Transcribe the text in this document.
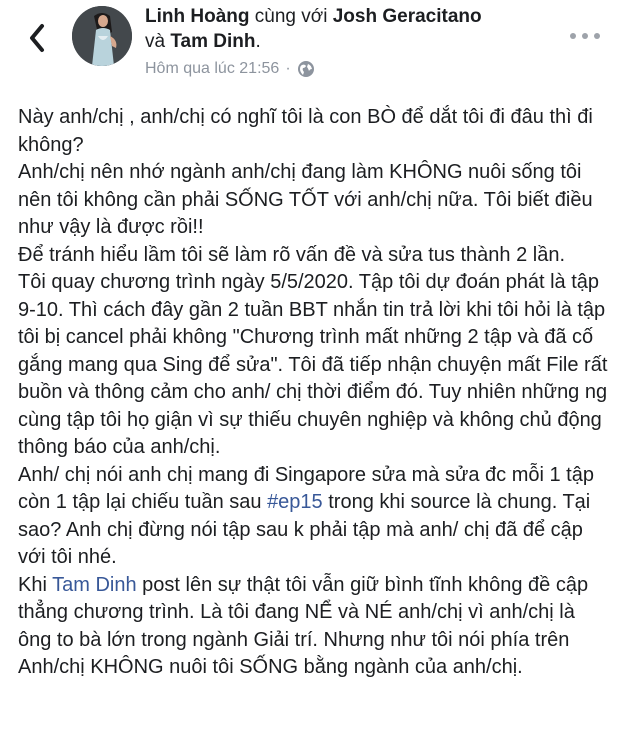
Linh Hoàng cùng với Josh Geracitano
và Tam Dinh.
Hôm qua lúc 21:56 ·

Này anh/chị , anh/chị có nghĩ tôi là con BÒ để dắt tôi đi đâu thì đi không?

Anh/chị nên nhớ ngành anh/chị đang làm KHÔNG nuôi sống tôi nên tôi không cần phải SỐNG TỐT với anh/chị nữa. Tôi biết điều như vậy là được rồi!!

Để tránh hiểu lầm tôi sẽ làm rõ vấn đề và sửa tus thành 2 lần.

Tôi quay chương trình ngày 5/5/2020. Tập tôi dự đoán phát là tập 9-10. Thì cách đây gần 2 tuần BBT nhắn tin trả lời khi tôi hỏi là tập tôi bị cancel phải không "Chương trình mất những 2 tập và đã cố gắng mang qua Sing để sửa". Tôi đã tiếp nhận chuyện mất File rất buồn và thông cảm cho anh/ chị thời điểm đó. Tuy nhiên những ng cùng tập tôi họ giận vì sự thiếu chuyên nghiệp và không chủ động thông báo của anh/chị.

Anh/ chị nói anh chị mang đi Singapore sửa mà sửa đc mỗi 1 tập còn 1 tập lại chiếu tuần sau #ep15 trong khi source là chung. Tại sao? Anh chị đừng nói tập sau k phải tập mà anh/ chị đã để cập với tôi nhé.

Khi Tam Dinh post lên sự thật tôi vẫn giữ bình tĩnh không đề cập thẳng chương trình. Là tôi đang NỂ và NÉ anh/chị vì anh/chị là ông to bà lớn trong ngành Giải trí. Nhưng như tôi nói phía trên Anh/chị KHÔNG nuôi tôi SỐNG bằng ngành của anh/chị.
